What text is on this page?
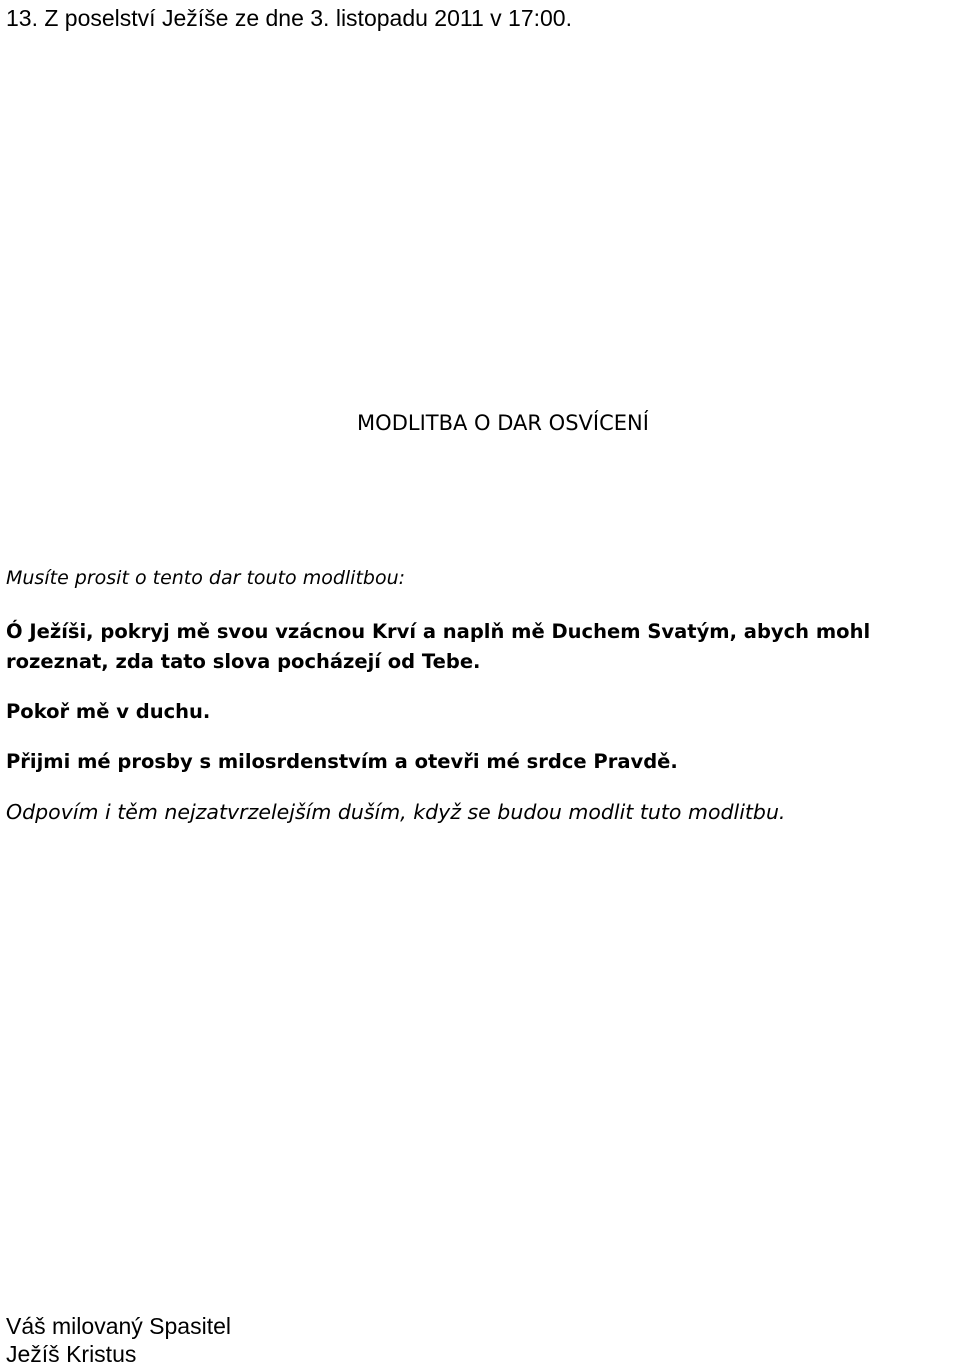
13. Z poselství Ježíše ze dne 3. listopadu 2011 v 17:00.

MODLITBA O DAR OSVÍCENÍ

Musíte prosit o tento dar touto modlitbou:

Ó Ježíši, pokryj mě svou vzácnou Krví a naplň mě Duchem Svatým, abych mohl
rozeznat, zda tato slova pocházejí od Tebe.

Pokoř mě v duchu.

Přijmi mé prosby s milosrdenstvím a otevři mé srdce Pravdě.

Odpovím i těm nejzatvrzelejším duším, když se budou modlit tuto modlitbu.

Váš milovaný Spasitel

Ježíš Kristus
